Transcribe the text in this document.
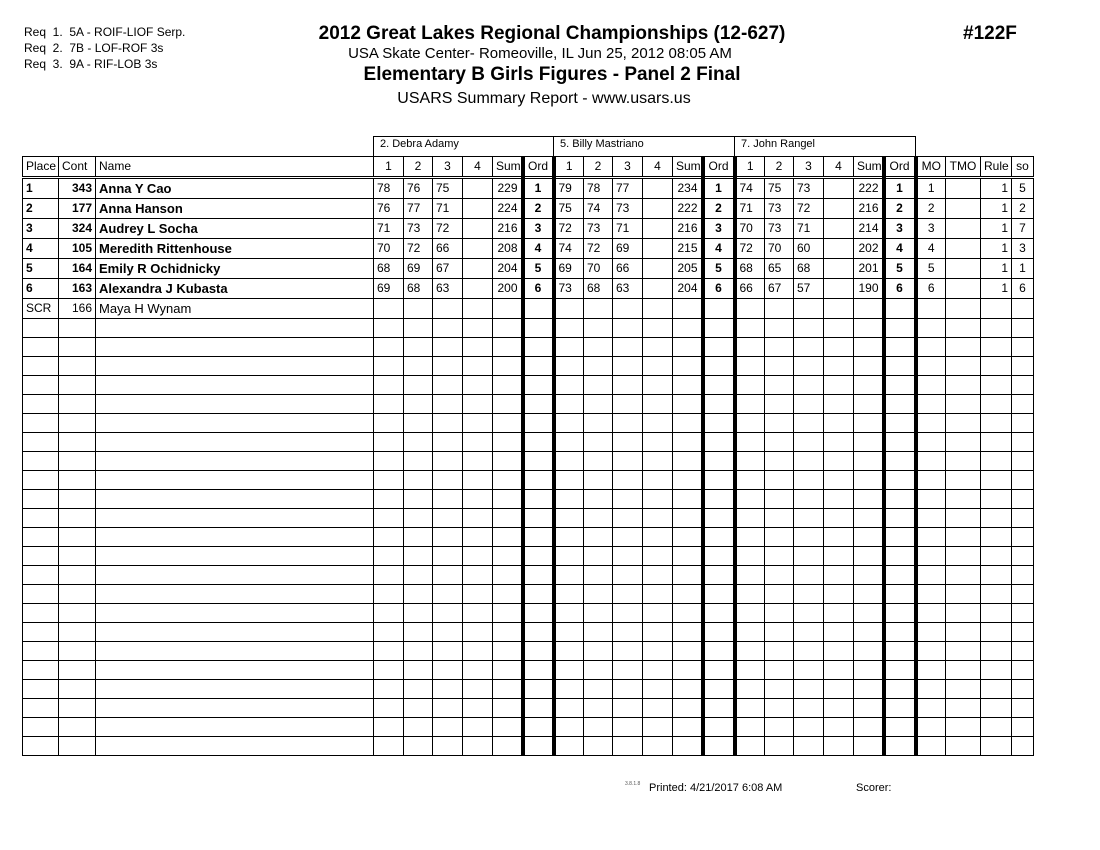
Req  1.  5A - ROIF-LIOF Serp.
Req  2.  7B - LOF-ROF 3s
Req  3.  9A - RIF-LOB 3s
2012 Great Lakes Regional Championships (12-627)
USA Skate Center- Romeoville, IL Jun 25, 2012 08:05 AM
Elementary B Girls Figures - Panel 2 Final
USARS Summary Report - www.usars.us
#122F
2. Debra Adamy	5. Billy Mastriano	7. John Rangel
Place	Cont	Name	1	2	3	4	Sum	Ord	1	2	3	4	Sum	Ord	1	2	3	4	Sum	Ord	MO	TMO	Rule	so
1	343	Anna Y Cao	78	76	75		229	1	79	78	77		234	1	74	75	73		222	1	1		1	5
2	177	Anna Hanson	76	77	71		224	2	75	74	73		222	2	71	73	72		216	2	2		1	2
3	324	Audrey L Socha	71	73	72		216	3	72	73	71		216	3	70	73	71		214	3	3		1	7
4	105	Meredith Rittenhouse	70	72	66		208	4	74	72	69		215	4	72	70	60		202	4	4		1	3
5	164	Emily R Ochidnicky	68	69	67		204	5	69	70	66		205	5	68	65	68		201	5	5		1	1
6	163	Alexandra J Kubasta	69	68	63		200	6	73	68	63		204	6	66	67	57		190	6	6		1	6
SCR	166	Maya H Wynam																						

3.8.1.8 Printed: 4/21/2017 6:08 AM	Scorer:
